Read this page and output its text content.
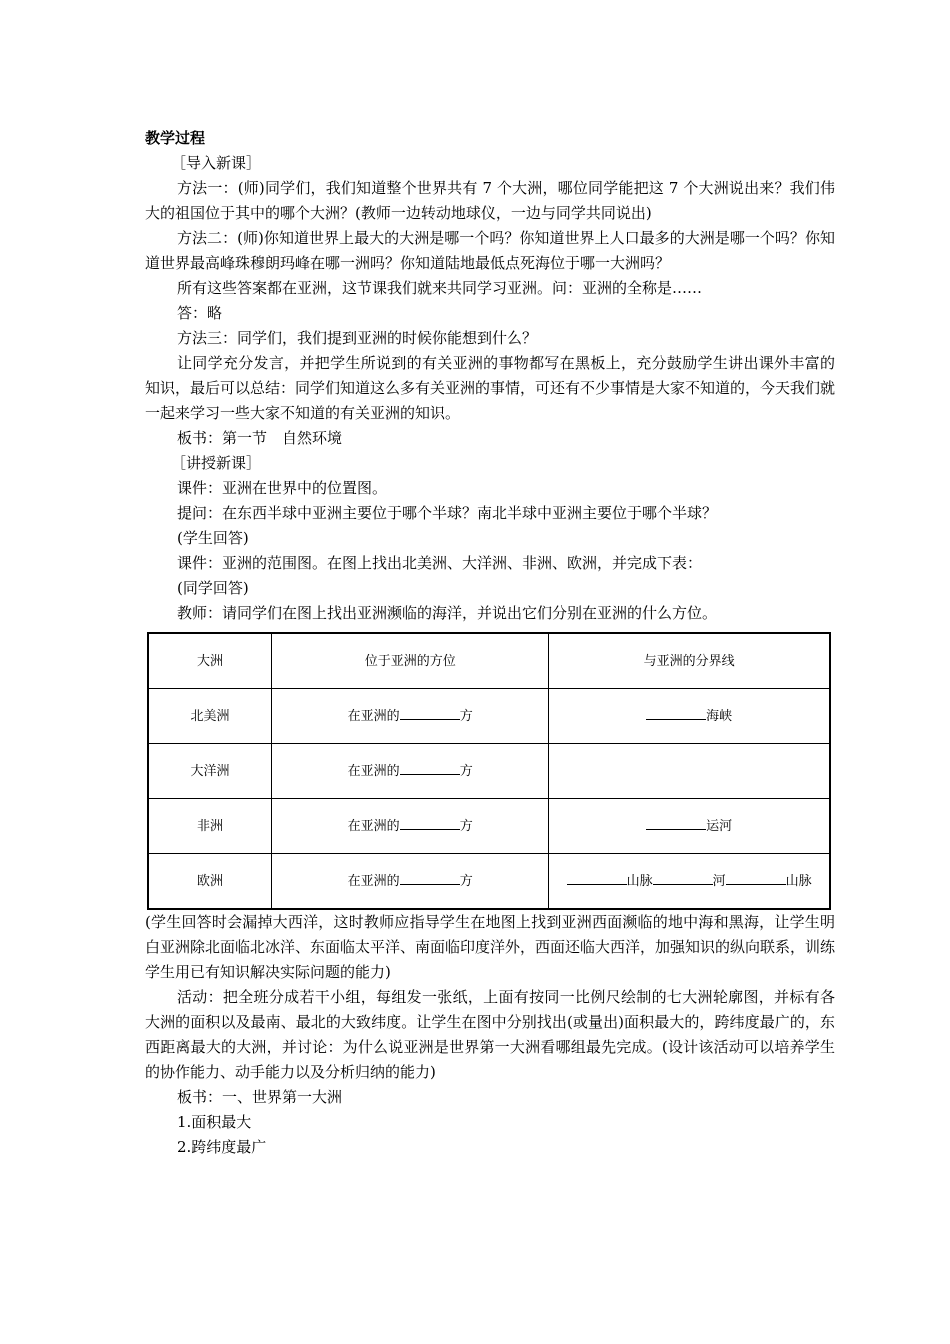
教学过程
［导入新课］

方法一：(师)同学们，我们知道整个世界共有 7 个大洲，哪位同学能把这 7 个大洲说出来？我们伟大的祖国位于其中的哪个大洲？(教师一边转动地球仪，一边与同学共同说出)

方法二：(师)你知道世界上最大的大洲是哪一个吗？你知道世界上人口最多的大洲是哪一个吗？你知道世界最高峰珠穆朗玛峰在哪一洲吗？你知道陆地最低点死海位于哪一大洲吗？

所有这些答案都在亚洲，这节课我们就来共同学习亚洲。问：亚洲的全称是……
答：略
方法三：同学们，我们提到亚洲的时候你能想到什么？

让同学充分发言，并把学生所说到的有关亚洲的事物都写在黑板上，充分鼓励学生讲出课外丰富的知识，最后可以总结：同学们知道这么多有关亚洲的事情，可还有不少事情是大家不知道的，今天我们就一起来学习一些大家不知道的有关亚洲的知识。

板书：第一节　自然环境
［讲授新课］
课件：亚洲在世界中的位置图。
提问：在东西半球中亚洲主要位于哪个半球？南北半球中亚洲主要位于哪个半球？
(学生回答)
课件：亚洲的范围图。在图上找出北美洲、大洋洲、非洲、欧洲，并完成下表：
(同学回答)
教师：请同学们在图上找出亚洲濒临的海洋，并说出它们分别在亚洲的什么方位。
大洲	位于亚洲的方位	与亚洲的分界线
北美洲	在亚洲的 方	海峡
大洋洲	在亚洲的 方	
非洲	在亚洲的 方	运河
欧洲	在亚洲的 方	山脉 河 山脉

(学生回答时会漏掉大西洋，这时教师应指导学生在地图上找到亚洲西面濒临的地中海和黑海，让学生明白亚洲除北面临北冰洋、东面临太平洋、南面临印度洋外，西面还临大西洋，加强知识的纵向联系，训练学生用已有知识解决实际问题的能力)

活动：把全班分成若干小组，每组发一张纸，上面有按同一比例尺绘制的七大洲轮廓图，并标有各大洲的面积以及最南、最北的大致纬度。让学生在图中分别找出(或量出)面积最大的，跨纬度最广的，东西距离最大的大洲，并讨论：为什么说亚洲是世界第一大洲看哪组最先完成。(设计该活动可以培养学生的协作能力、动手能力以及分析归纳的能力)

板书：一、世界第一大洲
1.面积最大
2.跨纬度最广
